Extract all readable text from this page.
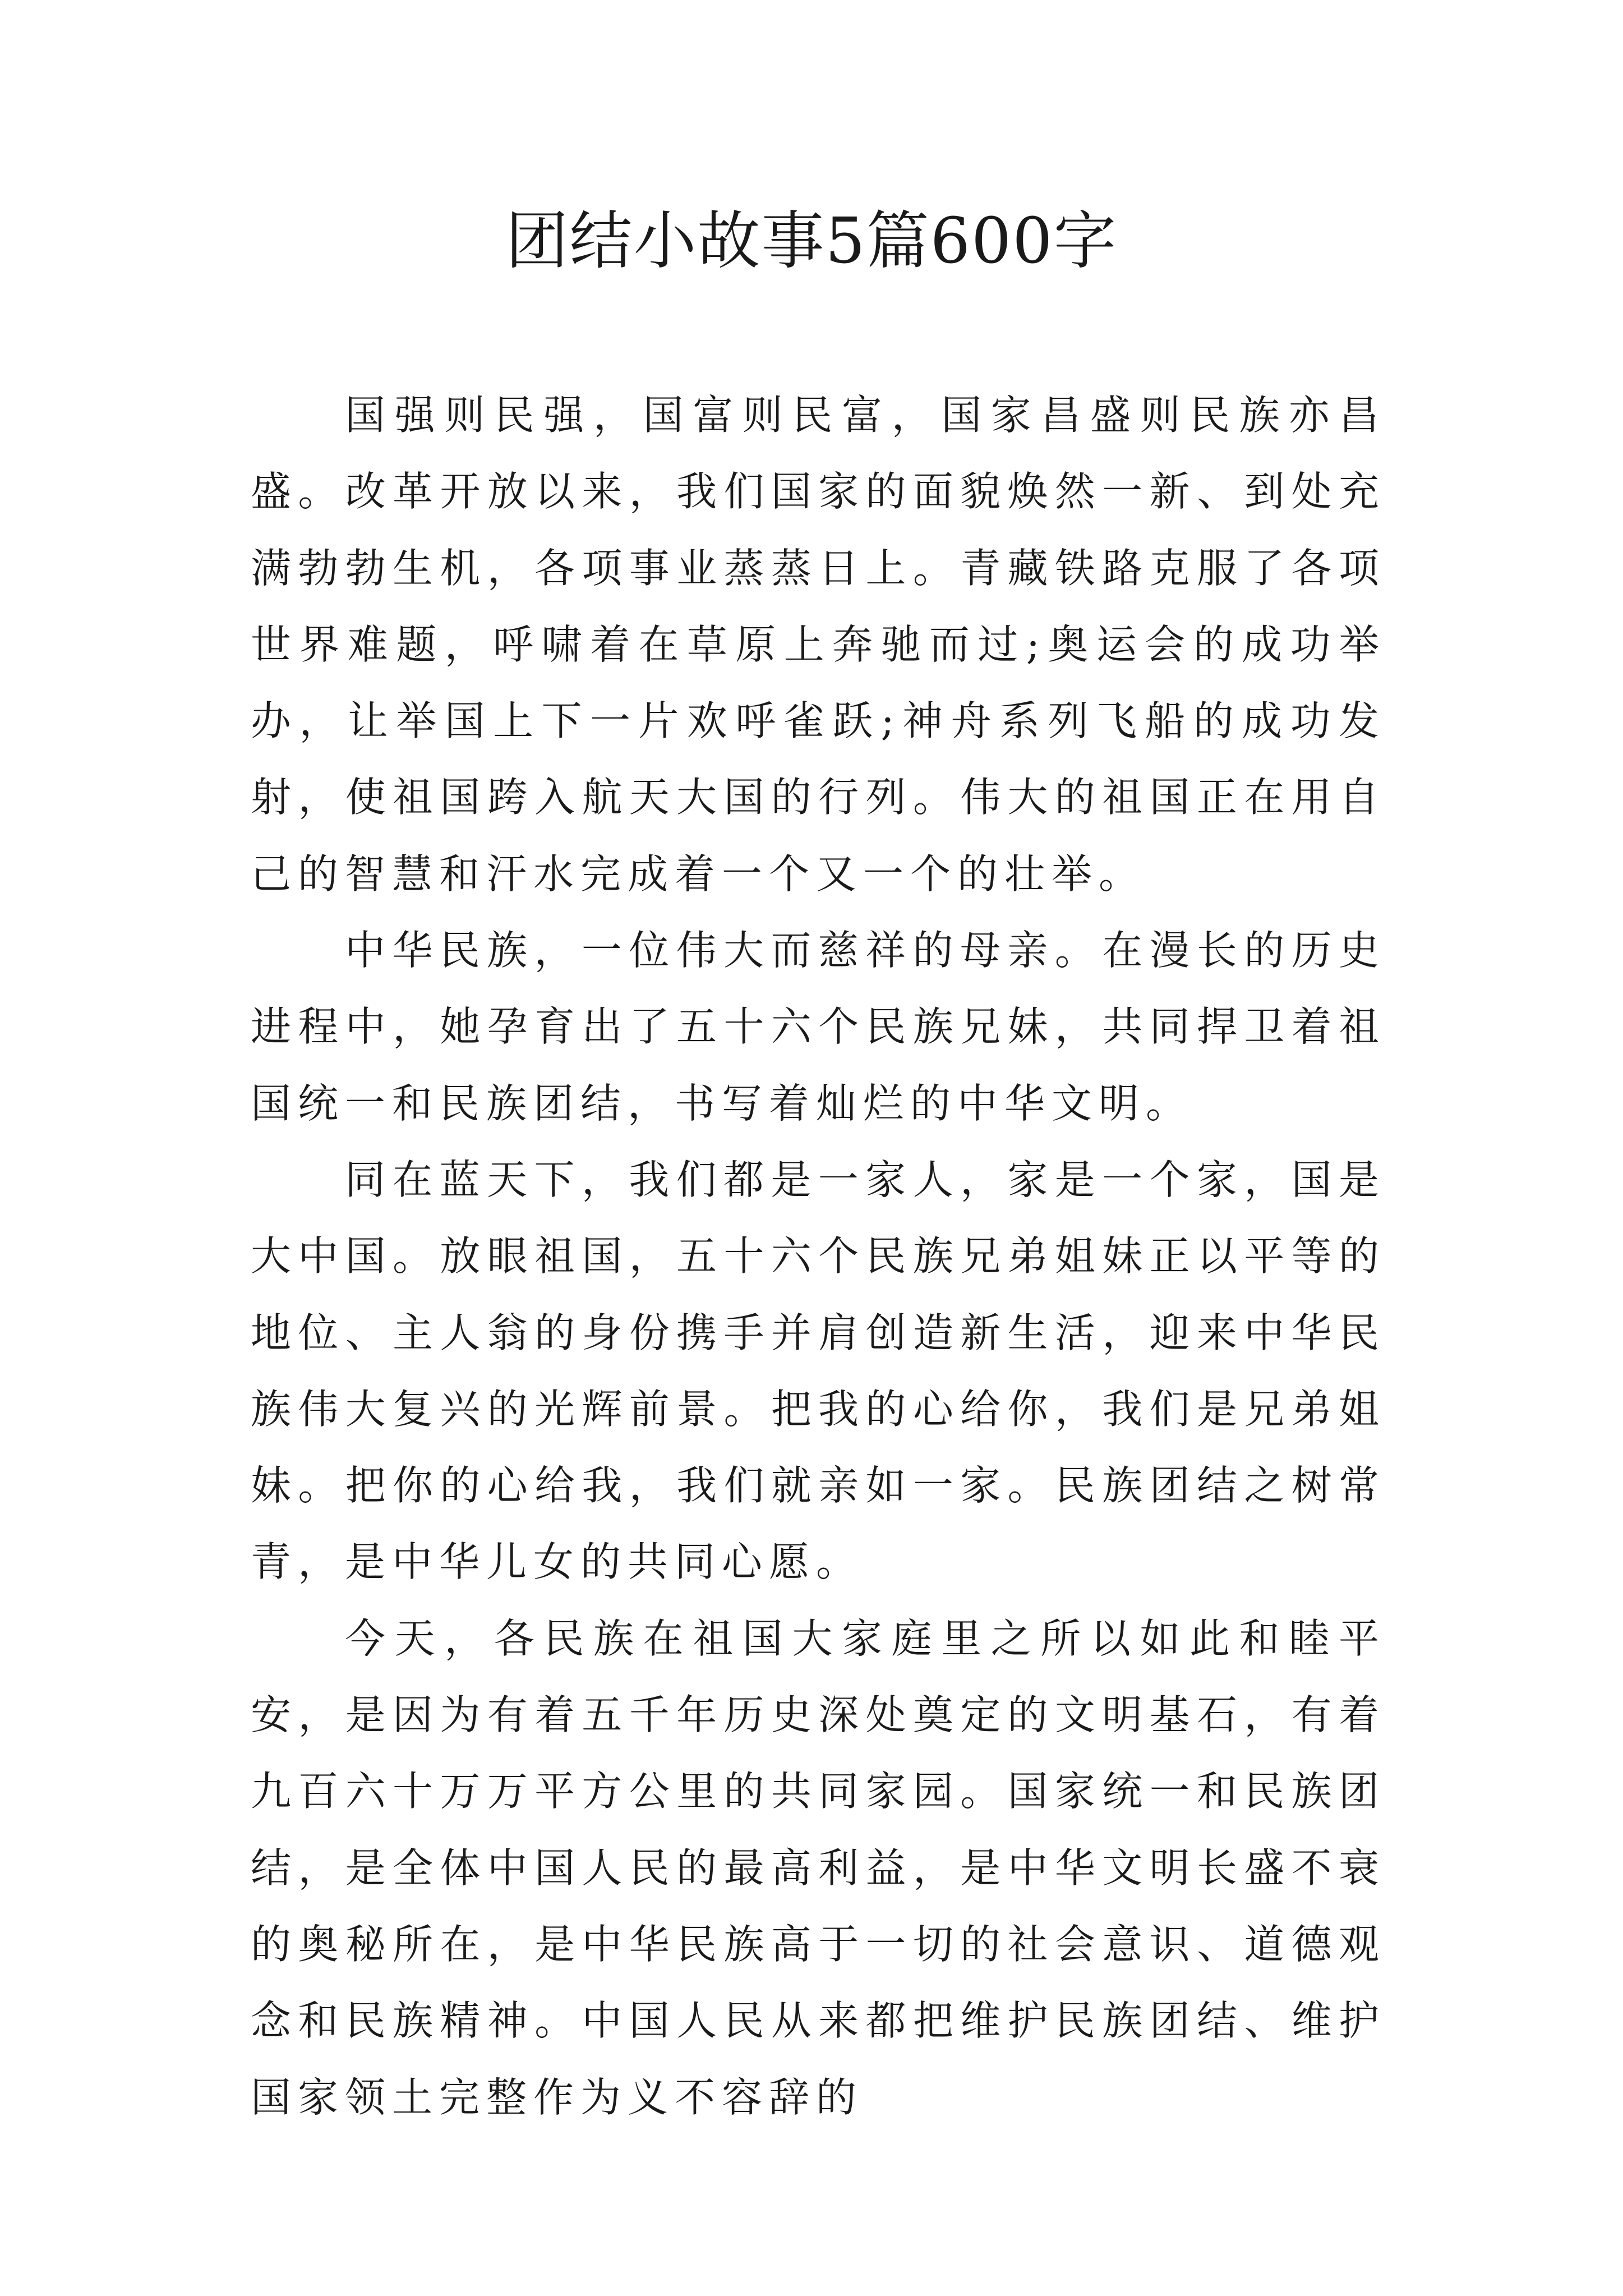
团结小故事5篇600字

国强则民强，国富则民富，国家昌盛则民族亦昌盛。改革开放以来，我们国家的面貌焕然一新、到处充满勃勃生机，各项事业蒸蒸日上。青藏铁路克服了各项世界难题，呼啸着在草原上奔驰而过;奥运会的成功举办，让举国上下一片欢呼雀跃;神舟系列飞船的成功发射，使祖国跨入航天大国的行列。伟大的祖国正在用自己的智慧和汗水完成着一个又一个的壮举。

中华民族，一位伟大而慈祥的母亲。在漫长的历史进程中，她孕育出了五十六个民族兄妹，共同捍卫着祖国统一和民族团结，书写着灿烂的中华文明。

同在蓝天下，我们都是一家人，家是一个家，国是大中国。放眼祖国，五十六个民族兄弟姐妹正以平等的地位、主人翁的身份携手并肩创造新生活，迎来中华民族伟大复兴的光辉前景。把我的心给你，我们是兄弟姐妹。把你的心给我，我们就亲如一家。民族团结之树常青，是中华儿女的共同心愿。

今天，各民族在祖国大家庭里之所以如此和睦平安，是因为有着五千年历史深处奠定的文明基石，有着九百六十万万平方公里的共同家园。国家统一和民族团结，是全体中国人民的最高利益，是中华文明长盛不衰的奥秘所在，是中华民族高于一切的社会意识、道德观念和民族精神。中国人民从来都把维护民族团结、维护国家领土完整作为义不容辞的
